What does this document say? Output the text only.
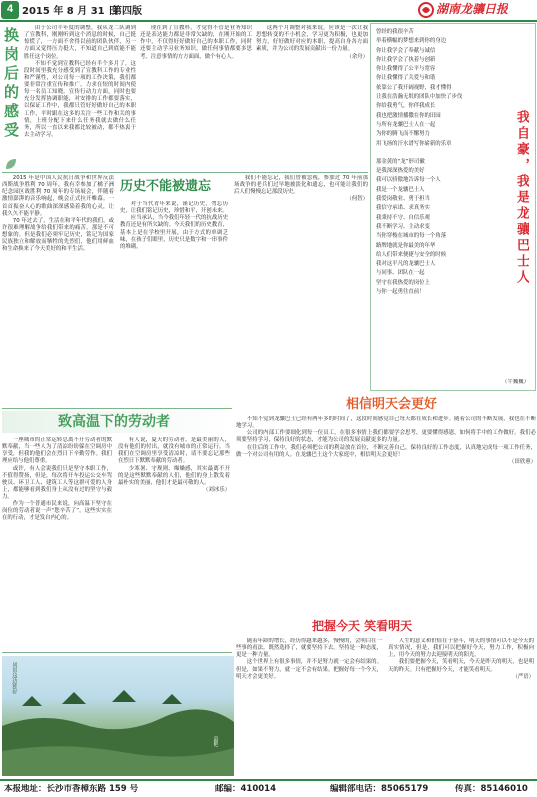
4 2015 年 8 月 31 日
第四版	湖南龙骧日报
换岗后的感受	由于公司半年度的调整，我从龙二队调到了宣教科，刚刚听到这个消息的时候，自己挺惊慌了，一方面不舍得以前的团队伙伴，另一方面又觉得压力挺大，不知道自己到底能不能胜任这个岗位。

不知不觉到宣教科已经有半个多月了，这段时间里我充分感受到了宣教科工作的专业性和严谨性，对公司每一项的工作决策，我们都要非常注重宣传和推广，力求在短的时间内使每一名员工知晓。宣传行动力方面，同时也要充分发挥协调职能，对安排的工作都要落实，以保证工作中，我都只管好好做好自己的本职工作，平时跟在这多的关注一些工作和关的事情，上班分配下来什么任务我就去做什么任务，所以一直以来我都比较被动，都不热衷于去主动学习。

现在到了宣教科，才觉得不管是业务知识还是表达能力都是非常欠缺的，在刚开始的工作中，不仅得好好做好自己的本职工作，同时还要主动学习业务知识，做任何事情都要多思考，注意事情的方方面面，做个有心人。

这两个月调整对我来说，应该是一次让我思想转变的不小机会，学习更为积极，也更加努力，好好做好对应的本职，提高自身各方面素质，并为公司的发展贡献出一份力量。

（余舟）

曾经的我很辛苦
举着横幅的梦想来到你的身边
你让我学会了奉献与诚信
你让我学会了执着与创新
你让我懂得了公平与宽容
你让我懂得了关爱与和谐
依靠公了我开阔视野，我才懂得
让我在浩瀚无垠的团队中加快了步伐
你给我勇气，你伴我成长
我也把激情播撒在你的田园
与所有龙骧巴士人在一起
为你的腾飞而不懈努力
用飞扬的汗水谱写你崭新的乐章
那金黄的“龙”形司徽
是我深深热爱的美好
我可以骄傲地告诉每一个人
我是一个龙骧巴士人
我爱岗敬业、勇于担当
我信守承诺、求真务实
我秉持不守、自信乐观
我不断学习、主动求变
当你穿梭在城市的每一个角落
路牌地就是你最美的年华
给人们带来便捷与安全的时候
我对这平凡的龙骧巴士人
与同事、团队在一起
坚守在我热爱的岗位上
与你一起勇往直前！
我自豪，我是龙骧巴士人
（牛巍巍）

2015 年是中国人民抗日战争和世界反法西斯战争胜利 70 周年。我有幸参加了橘子洲纪念园区战胜利 70 周年的专场展会，伴随着激情澎湃的音乐响起，晚会正式拉开帷幕。一首首振奋人心的歌曲深深感染着我的心灵，让我久久不能平静。

70 年过去了，生活在和平年代的我们，或许很难理解战争给我们带来的痛苦，那是不可想象的。但是我们必须牢记历史，铭记为国家民族独立和解放而牺牲的先烈们，他们用鲜血和生命换来了今天美好的和平生活。

历史不能被遗忘

对于当代青年来说，谨记历史，勿忘历史，让我们铭记历史，珍惜和平，开创未来。

应当承认，当今我们年轻一代的抗战历史教育还是有所欠缺的。今天我们的历史教育，基本上是在学校里开展，由于方式的单调乏味，在孩子们眼里，历史只是数字和一串事件的堆砌。

我们不能忘记，我们曾被忽视，参加过 70 年前那场战争的老兵们过早地被淡化和遗忘，也可能让我们的后人们慢慢忘记那段历史。

（何智）

致高温下的劳动者

一座城市的正常运转总离不开劳动者的默默奉献，当一些人为了清凉纷纷躲在空调房中享受，但我的他们会在烈日下辛勤劳作。我们理应给与他们尊重。

或许，有人会说我们只是坚守本职工作，不值得赞扬，但是，每次将开车投运公交车驾驶员、环卫工人、建筑工人等这群可爱的人身上，都能够看到我们身上从没有过的坚守与毅力。

作为一个普通市民来说，向高温下坚守在岗位的劳动者说一声“您辛苦了”，这些实实在在的行动，才是发自内心的。

有人说，夏天的劳动者，是最美丽的人，没有他们的付出，就没有城市的正常运行。当我们在空调房里享受清凉时，请不要忘记那些在烈日下默默奉献的劳动者。

少寒暑、守规则、爆燥感，其实最离不开的是这些默默奉献的人们，他们的身上散发着最朴实的美丽，他们才是最可敬的人。

（刘冰乐）

相信明天会更好

不知不觉到龙骧巴士已经有两年多的时间了，这段时间感觉自己每天都在成长和进步。随着公司的不断发展，我也在不断地学习。

公司的内部工作要细化到每一位员工，在很多事情上我们都要学会思考，更要懂得感恩，如何将手中的工作做好。我们必须要坚持学习，保持良好的状态，才能为公司的发展贡献更多的力量。

在往后的工作中，我们必须把公司的利益放在首位，不断完善自己，保持良好的工作态度，认真地完成每一项工作任务，做一个对公司有用的人。在龙骧巴士这个大家庭中，相信明天会更好！

（田欣蕙）

风景这边独好
袁艳
把握今天 笑看明天

随着年龄的增长，经历得越来越多，慢慢的，会明白在一些事的看法。既然选择了，就要坚持下去。坚持是一种态度，更是一种力量。

这个世界上有很多事情，并不是努力就一定会有结果的。但是，如果不努力，就一定不会有结果。把握好每一个今天，明天才会更美好。

人生的意义和价值在于奋斗，明天的事情可以不是今天的真实情况，但是，我们可以把握好今天，努力工作，积极向上，用今天的努力去迎接明天的阳光。

我们要把握今天，笑看明天，今天是昨天的明天，也是明天的昨天。只有把握好今天，才能笑看明天。

（严语）

本报地址：长沙市香樟东路 159 号	邮编：410014	编辑部电话：85065179	传真：85146010
